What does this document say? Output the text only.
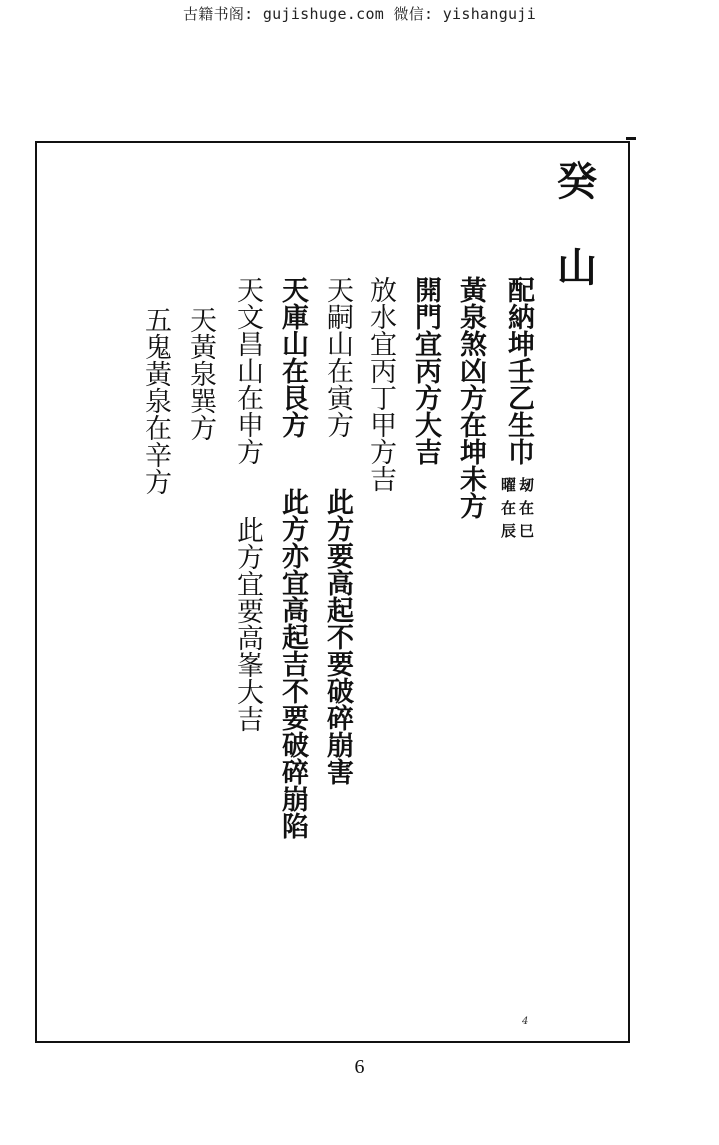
古籍书阁: gujishuge.com 微信: yishanguji
癸
山
配納坤壬乙生巾
刼在巳
曜在辰
黃泉煞凶方在坤未方
開門宜丙方大吉
放水宜丙丁甲方吉
天嗣山在寅方
此方要高起不要破碎崩害
天庫山在艮方
此方亦宜高起吉不要破碎崩陷
天文昌山在申方
此方宜要高峯大吉
天黃泉巽方
五鬼黃泉在辛方
4
6
